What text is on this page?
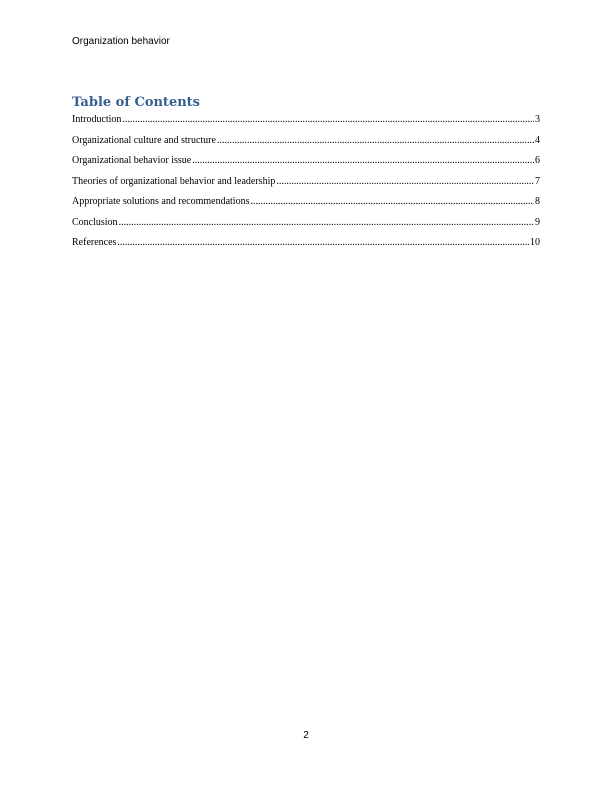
Organization behavior
Table of Contents
Introduction .....	3
Organizational culture and structure .....	4
Organizational behavior issue .....	6
Theories of organizational behavior and leadership .....	7
Appropriate solutions and recommendations .....	8
Conclusion .....	9
References .....	10
2
